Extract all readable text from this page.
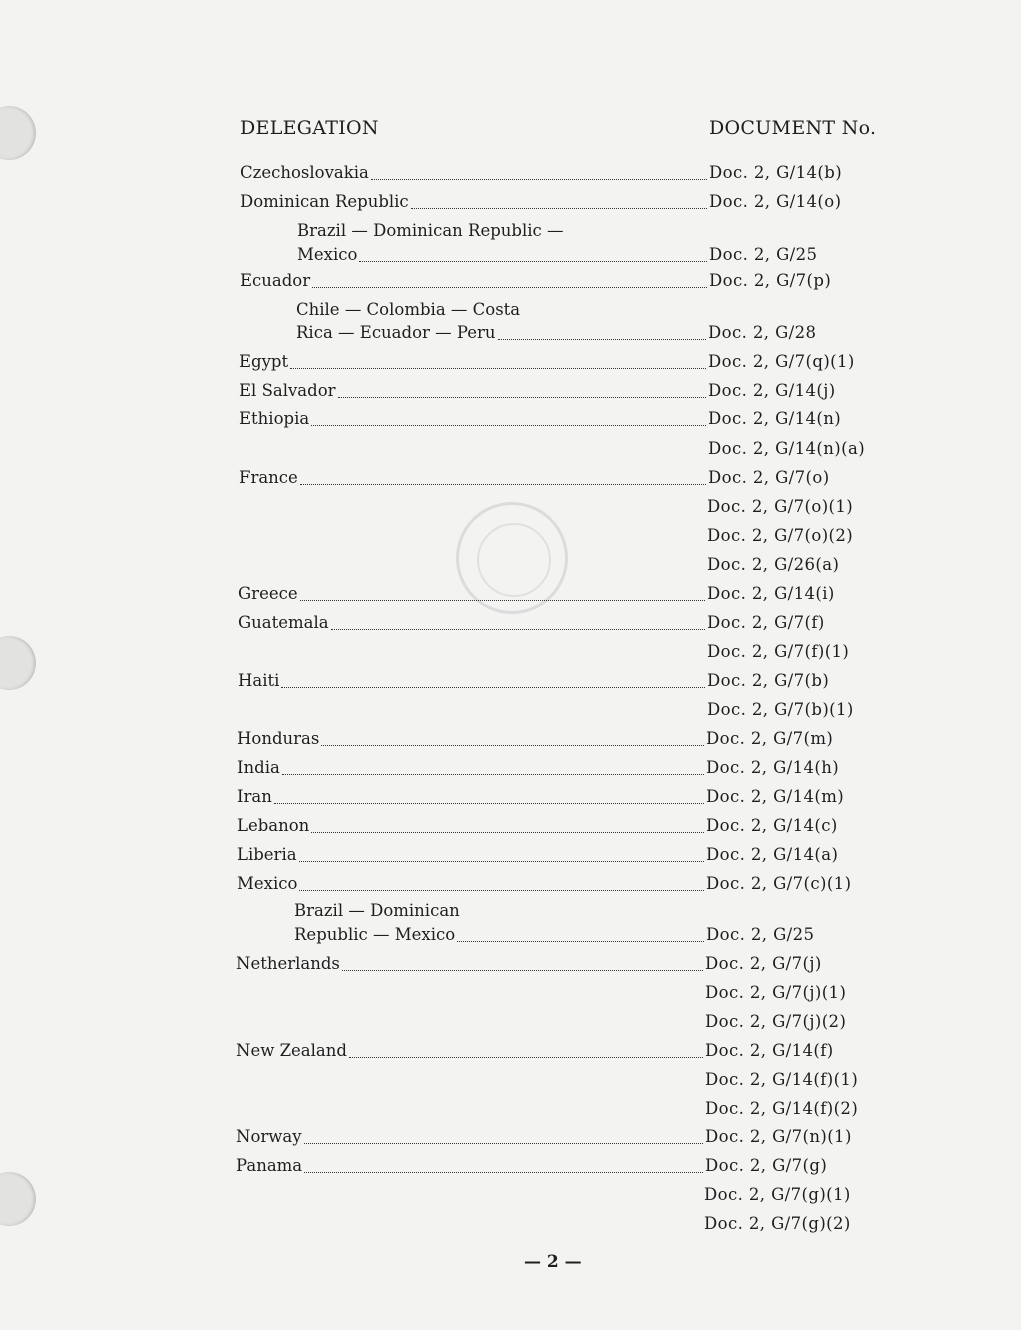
DELEGATION	DOCUMENT No.
Czechoslovakia	Doc. 2, G/14(b)
Dominican Republic	Doc. 2, G/14(o)
Brazil — Dominican Republic —
Mexico	Doc. 2, G/25
Ecuador	Doc. 2, G/7(p)
Chile — Colombia — Costa
Rica — Ecuador — Peru	Doc. 2, G/28
Egypt	Doc. 2, G/7(q)(1)
El Salvador	Doc. 2, G/14(j)
Ethiopia	Doc. 2, G/14(n)
Doc. 2, G/14(n)(a)
France	Doc. 2, G/7(o)
Doc. 2, G/7(o)(1)
Doc. 2, G/7(o)(2)
Doc. 2, G/26(a)
Greece	Doc. 2, G/14(i)
Guatemala	Doc. 2, G/7(f)
Doc. 2, G/7(f)(1)
Haiti	Doc. 2, G/7(b)
Doc. 2, G/7(b)(1)
Honduras	Doc. 2, G/7(m)
India	Doc. 2, G/14(h)
Iran	Doc. 2, G/14(m)
Lebanon	Doc. 2, G/14(c)
Liberia	Doc. 2, G/14(a)
Mexico	Doc. 2, G/7(c)(1)
Brazil — Dominican
Republic — Mexico	Doc. 2, G/25
Netherlands	Doc. 2, G/7(j)
Doc. 2, G/7(j)(1)
Doc. 2, G/7(j)(2)
New Zealand	Doc. 2, G/14(f)
Doc. 2, G/14(f)(1)
Doc. 2, G/14(f)(2)
Norway	Doc. 2, G/7(n)(1)
Panama	Doc. 2, G/7(g)
Doc. 2, G/7(g)(1)
Doc. 2, G/7(g)(2)
— 2 —
